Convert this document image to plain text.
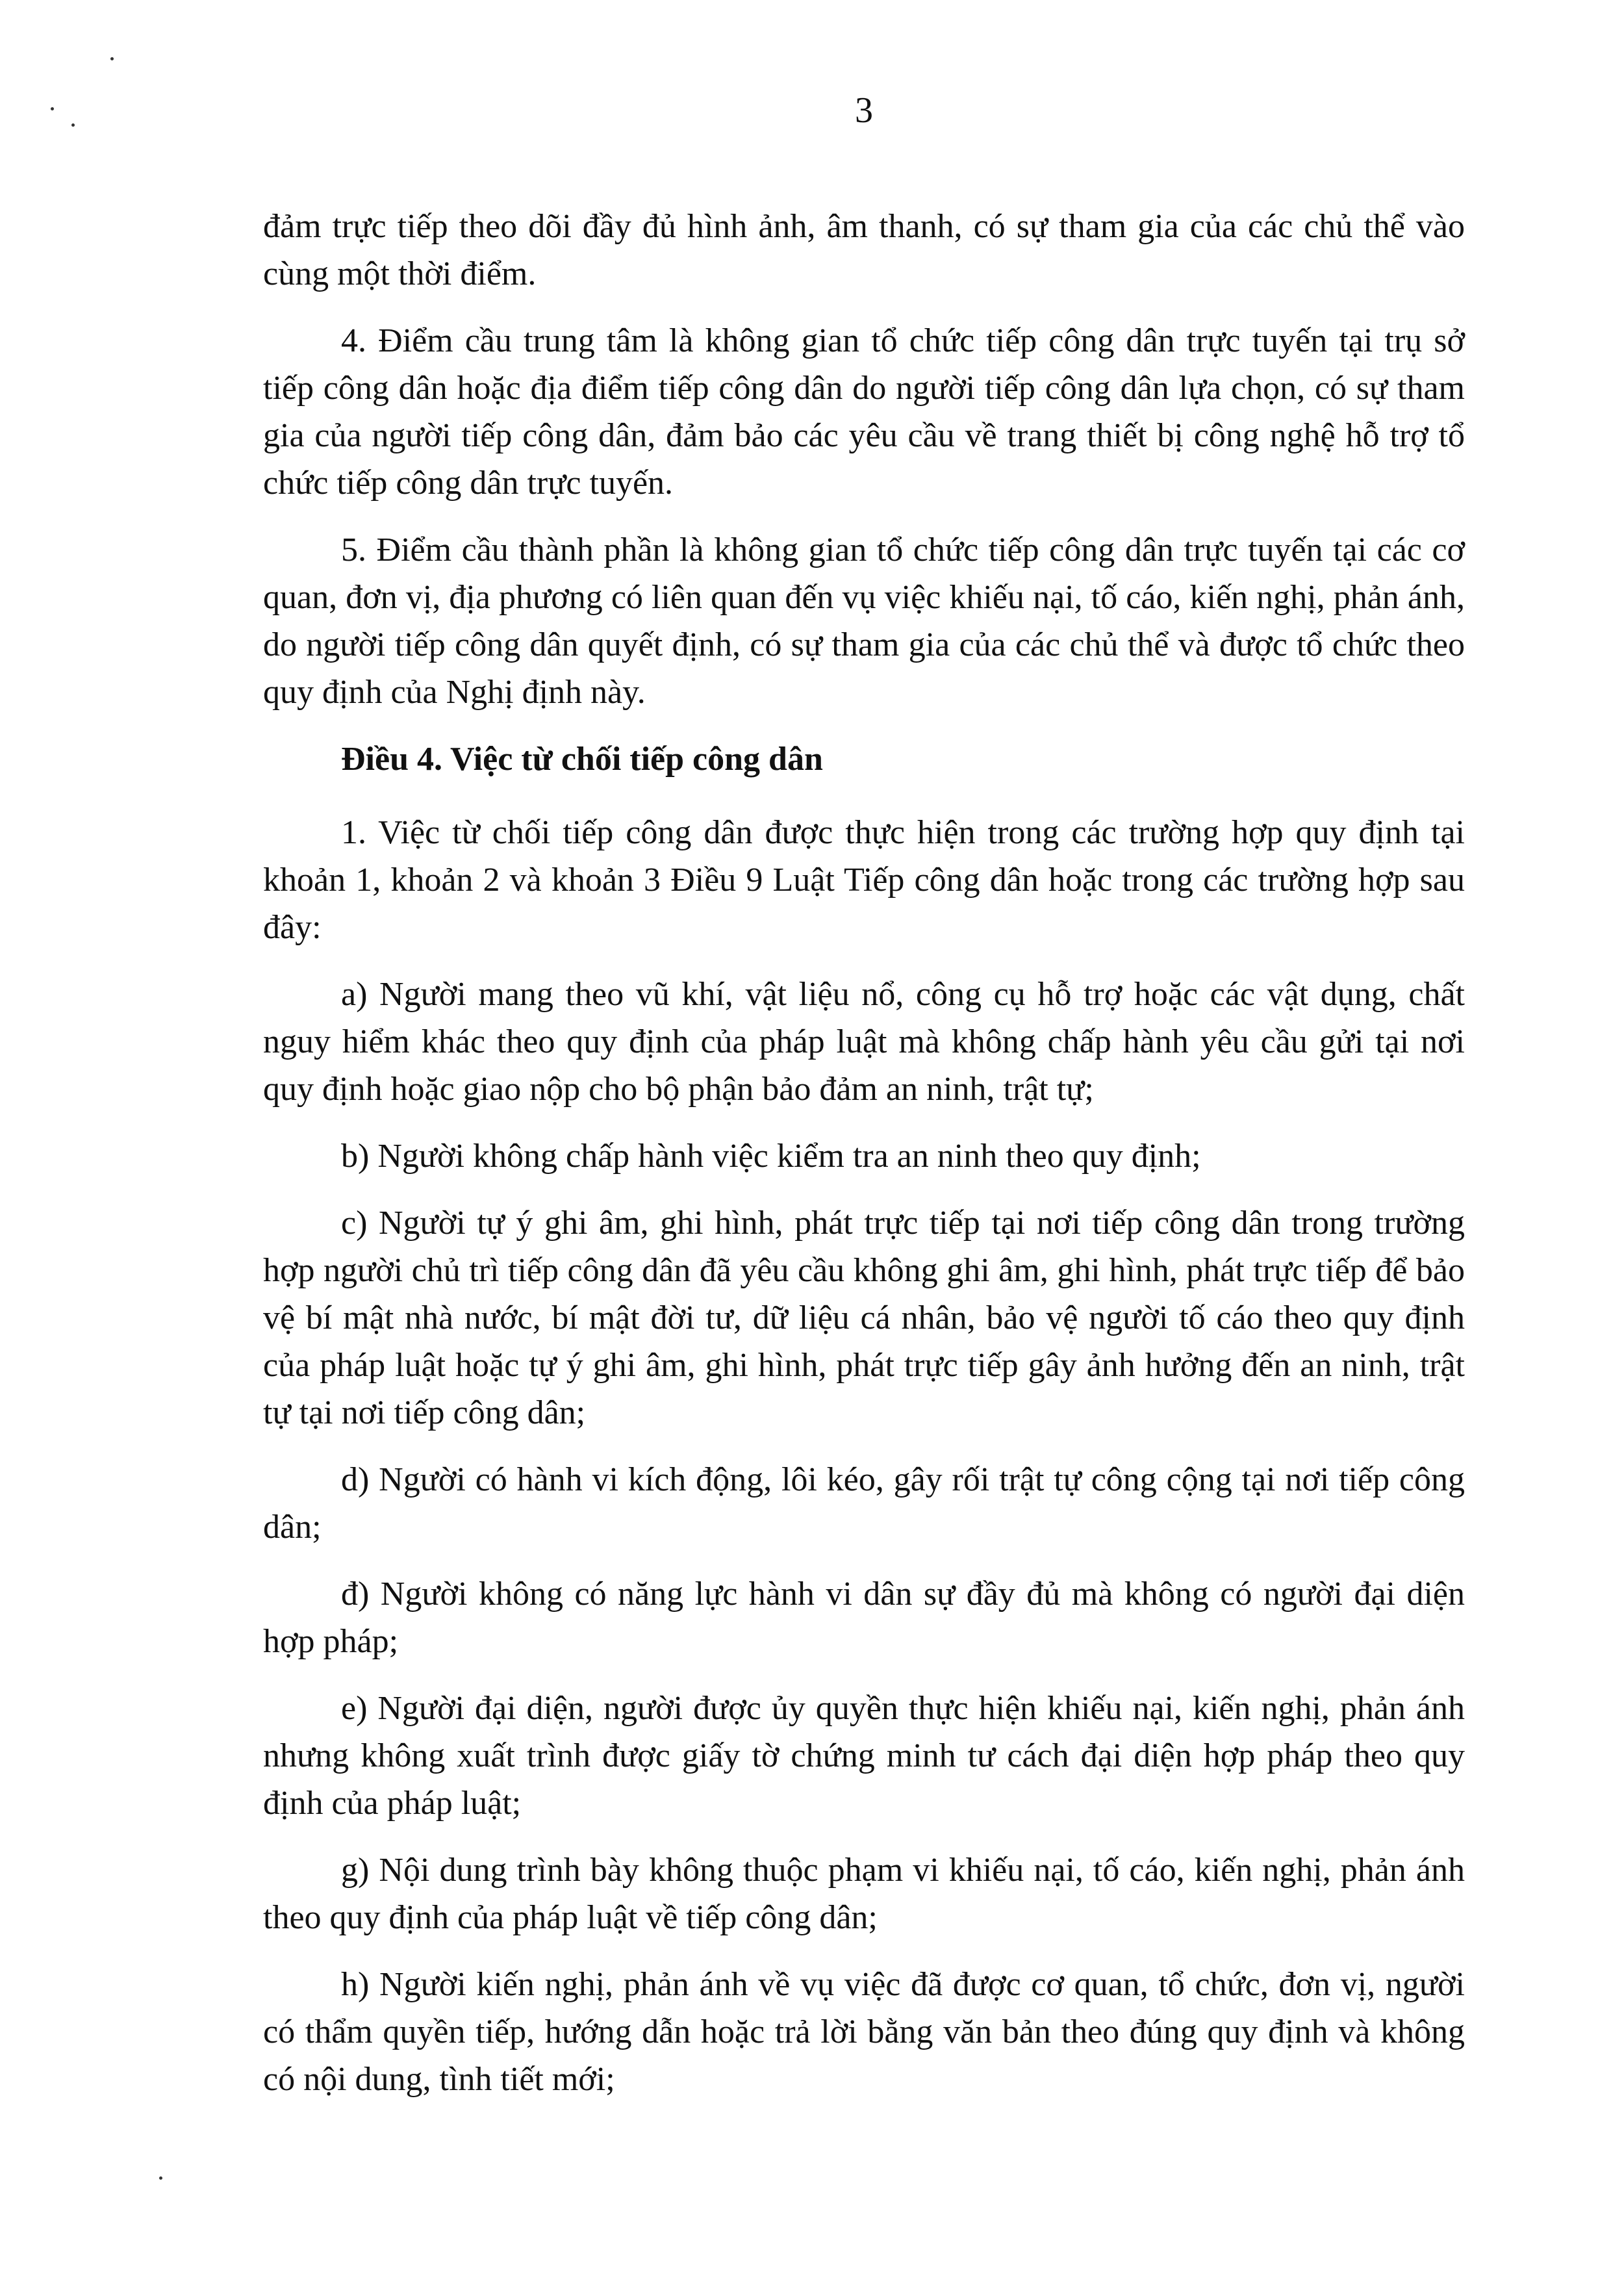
3

đảm trực tiếp theo dõi đầy đủ hình ảnh, âm thanh, có sự tham gia của các chủ thể vào cùng một thời điểm.

4. Điểm cầu trung tâm là không gian tổ chức tiếp công dân trực tuyến tại trụ sở tiếp công dân hoặc địa điểm tiếp công dân do người tiếp công dân lựa chọn, có sự tham gia của người tiếp công dân, đảm bảo các yêu cầu về trang thiết bị công nghệ hỗ trợ tổ chức tiếp công dân trực tuyến.

5. Điểm cầu thành phần là không gian tổ chức tiếp công dân trực tuyến tại các cơ quan, đơn vị, địa phương có liên quan đến vụ việc khiếu nại, tố cáo, kiến nghị, phản ánh, do người tiếp công dân quyết định, có sự tham gia của các chủ thể và được tổ chức theo quy định của Nghị định này.

Điều 4. Việc từ chối tiếp công dân

1. Việc từ chối tiếp công dân được thực hiện trong các trường hợp quy định tại khoản 1, khoản 2 và khoản 3 Điều 9 Luật Tiếp công dân hoặc trong các trường hợp sau đây:

a) Người mang theo vũ khí, vật liệu nổ, công cụ hỗ trợ hoặc các vật dụng, chất nguy hiểm khác theo quy định của pháp luật mà không chấp hành yêu cầu gửi tại nơi quy định hoặc giao nộp cho bộ phận bảo đảm an ninh, trật tự;

b) Người không chấp hành việc kiểm tra an ninh theo quy định;

c) Người tự ý ghi âm, ghi hình, phát trực tiếp tại nơi tiếp công dân trong trường hợp người chủ trì tiếp công dân đã yêu cầu không ghi âm, ghi hình, phát trực tiếp để bảo vệ bí mật nhà nước, bí mật đời tư, dữ liệu cá nhân, bảo vệ người tố cáo theo quy định của pháp luật hoặc tự ý ghi âm, ghi hình, phát trực tiếp gây ảnh hưởng đến an ninh, trật tự tại nơi tiếp công dân;

d) Người có hành vi kích động, lôi kéo, gây rối trật tự công cộng tại nơi tiếp công dân;

đ) Người không có năng lực hành vi dân sự đầy đủ mà không có người đại diện hợp pháp;

e) Người đại diện, người được ủy quyền thực hiện khiếu nại, kiến nghị, phản ánh nhưng không xuất trình được giấy tờ chứng minh tư cách đại diện hợp pháp theo quy định của pháp luật;

g) Nội dung trình bày không thuộc phạm vi khiếu nại, tố cáo, kiến nghị, phản ánh theo quy định của pháp luật về tiếp công dân;

h) Người kiến nghị, phản ánh về vụ việc đã được cơ quan, tổ chức, đơn vị, người có thẩm quyền tiếp, hướng dẫn hoặc trả lời bằng văn bản theo đúng quy định và không có nội dung, tình tiết mới;
